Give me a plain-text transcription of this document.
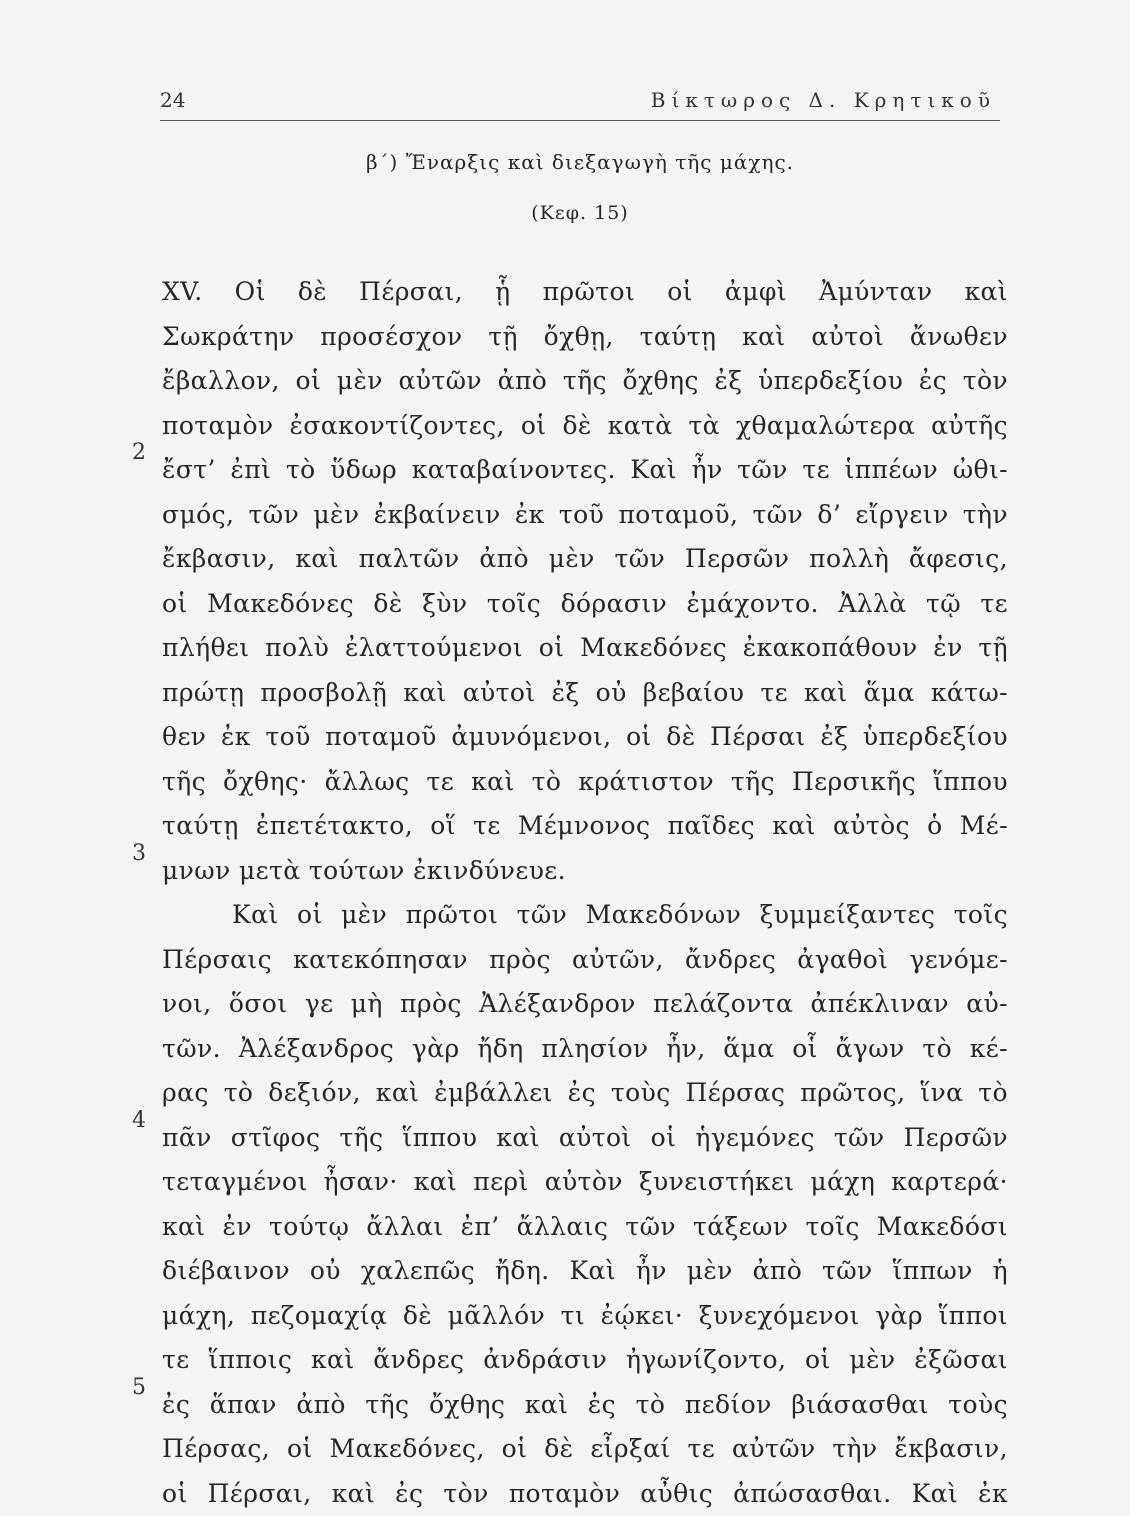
24	Βίκτωρος Δ. Κρητικοῦ
β΄) Ἔναρξις καὶ διεξαγωγὴ τῆς μάχης.
(Κεφ. 15)
2
3
4
5
XV. Οἱ δὲ Πέρσαι, ᾗ πρῶτοι οἱ ἀμφὶ Ἀμύνταν καὶ
Σωκράτην προσέσχον τῇ ὄχθῃ, ταύτῃ καὶ αὐτοὶ ἄνωθεν
ἔβαλλον, οἱ μὲν αὐτῶν ἀπὸ τῆς ὄχθης ἐξ ὑπερδεξίου ἐς τὸν
ποταμὸν ἐσακοντίζοντες, οἱ δὲ κατὰ τὰ χθαμαλώτερα αὐτῆς
ἔστ’ ἐπὶ τὸ ὕδωρ καταβαίνοντες. Καὶ ἦν τῶν τε ἱππέων ὠθι-
σμός, τῶν μὲν ἐκβαίνειν ἐκ τοῦ ποταμοῦ, τῶν δ’ εἴργειν τὴν
ἔκβασιν, καὶ παλτῶν ἀπὸ μὲν τῶν Περσῶν πολλὴ ἄφεσις,
οἱ Μακεδόνες δὲ ξὺν τοῖς δόρασιν ἐμάχοντο. Ἀλλὰ τῷ τε
πλήθει πολὺ ἐλαττούμενοι οἱ Μακεδόνες ἐκακοπάθουν ἐν τῇ
πρώτῃ προσβολῇ καὶ αὐτοὶ ἐξ οὐ βεβαίου τε καὶ ἅμα κάτω-
θεν ἐκ τοῦ ποταμοῦ ἀμυνόμενοι, οἱ δὲ Πέρσαι ἐξ ὑπερδεξίου
τῆς ὄχθης· ἄλλως τε καὶ τὸ κράτιστον τῆς Περσικῆς ἵππου
ταύτῃ ἐπετέτακτο, οἵ τε Μέμνονος παῖδες καὶ αὐτὸς ὁ Μέ-
μνων μετὰ τούτων ἐκινδύνευε.
Καὶ οἱ μὲν πρῶτοι τῶν Μακεδόνων ξυμμείξαντες τοῖς
Πέρσαις κατεκόπησαν πρὸς αὐτῶν, ἄνδρες ἀγαθοὶ γενόμε-
νοι, ὅσοι γε μὴ πρὸς Ἀλέξανδρον πελάζοντα ἀπέκλιναν αὐ-
τῶν. Ἀλέξανδρος γὰρ ἤδη πλησίον ἦν, ἅμα οἷ ἄγων τὸ κέ-
ρας τὸ δεξιόν, καὶ ἐμβάλλει ἐς τοὺς Πέρσας πρῶτος, ἵνα τὸ
πᾶν στῖφος τῆς ἵππου καὶ αὐτοὶ οἱ ἡγεμόνες τῶν Περσῶν
τεταγμένοι ἦσαν· καὶ περὶ αὐτὸν ξυνειστήκει μάχη καρτερά·
καὶ ἐν τούτῳ ἄλλαι ἐπ’ ἄλλαις τῶν τάξεων τοῖς Μακεδόσι
διέβαινον οὐ χαλεπῶς ἤδη. Καὶ ἦν μὲν ἀπὸ τῶν ἵππων ἡ
μάχη, πεζομαχίᾳ δὲ μᾶλλόν τι ἐῴκει· ξυνεχόμενοι γὰρ ἵπποι
τε ἵπποις καὶ ἄνδρες ἀνδράσιν ἠγωνίζοντο, οἱ μὲν ἐξῶσαι
ἐς ἅπαν ἀπὸ τῆς ὄχθης καὶ ἐς τὸ πεδίον βιάσασθαι τοὺς
Πέρσας, οἱ Μακεδόνες, οἱ δὲ εἶρξαί τε αὐτῶν τὴν ἔκβασιν,
οἱ Πέρσαι, καὶ ἐς τὸν ποταμὸν αὖθις ἀπώσασθαι. Καὶ ἐκ
